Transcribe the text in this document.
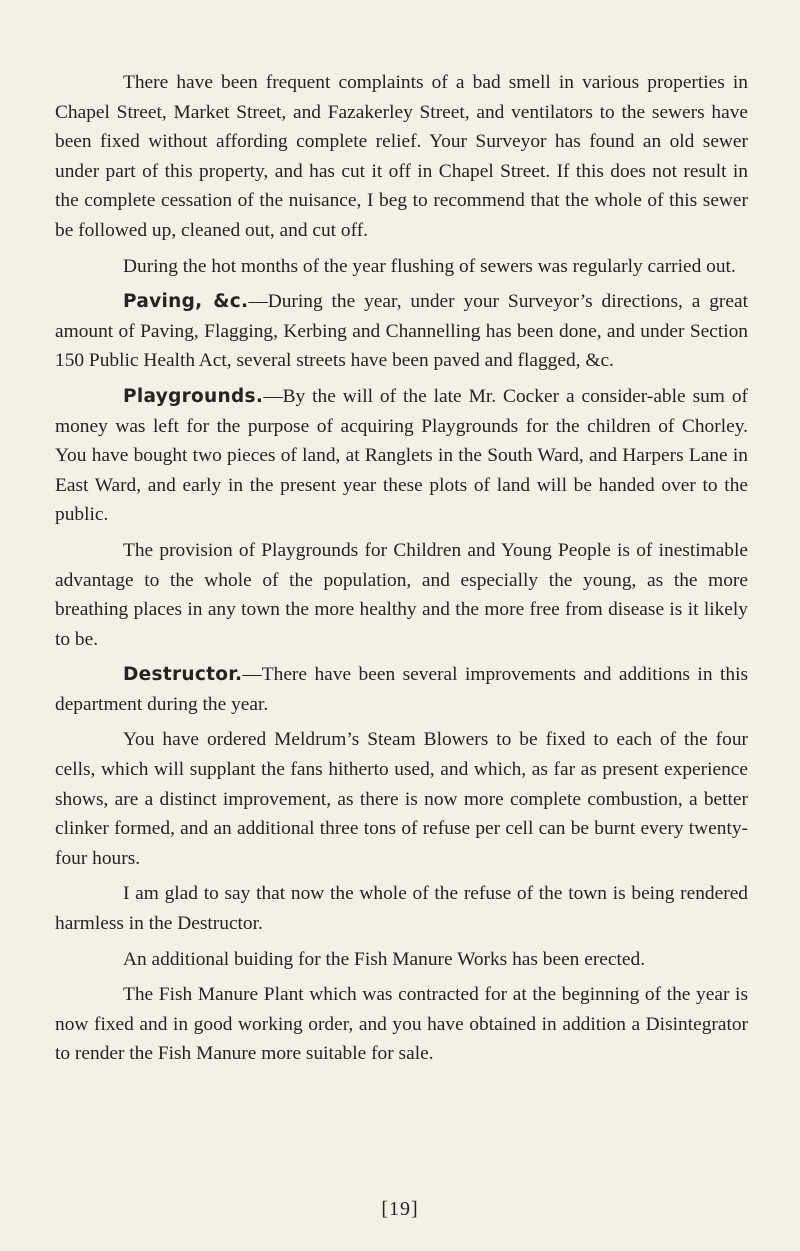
There have been frequent complaints of a bad smell in various properties in Chapel Street, Market Street, and Fazakerley Street, and ventilators to the sewers have been fixed without affording complete relief. Your Surveyor has found an old sewer under part of this property, and has cut it off in Chapel Street. If this does not result in the complete cessation of the nuisance, I beg to recommend that the whole of this sewer be followed up, cleaned out, and cut off.

During the hot months of the year flushing of sewers was regularly carried out.

Paving, &c.—During the year, under your Surveyor’s directions, a great amount of Paving, Flagging, Kerbing and Channelling has been done, and under Section 150 Public Health Act, several streets have been paved and flagged, &c.

Playgrounds.—By the will of the late Mr. Cocker a consider-able sum of money was left for the purpose of acquiring Playgrounds for the children of Chorley. You have bought two pieces of land, at Ranglets in the South Ward, and Harpers Lane in East Ward, and early in the present year these plots of land will be handed over to the public.

The provision of Playgrounds for Children and Young People is of inestimable advantage to the whole of the population, and especially the young, as the more breathing places in any town the more healthy and the more free from disease is it likely to be.

Destructor.—There have been several improvements and additions in this department during the year.

You have ordered Meldrum’s Steam Blowers to be fixed to each of the four cells, which will supplant the fans hitherto used, and which, as far as present experience shows, are a distinct improvement, as there is now more complete combustion, a better clinker formed, and an additional three tons of refuse per cell can be burnt every twenty-four hours.

I am glad to say that now the whole of the refuse of the town is being rendered harmless in the Destructor.

An additional buiding for the Fish Manure Works has been erected.

The Fish Manure Plant which was contracted for at the beginning of the year is now fixed and in good working order, and you have obtained in addition a Disintegrator to render the Fish Manure more suitable for sale.

[19]
